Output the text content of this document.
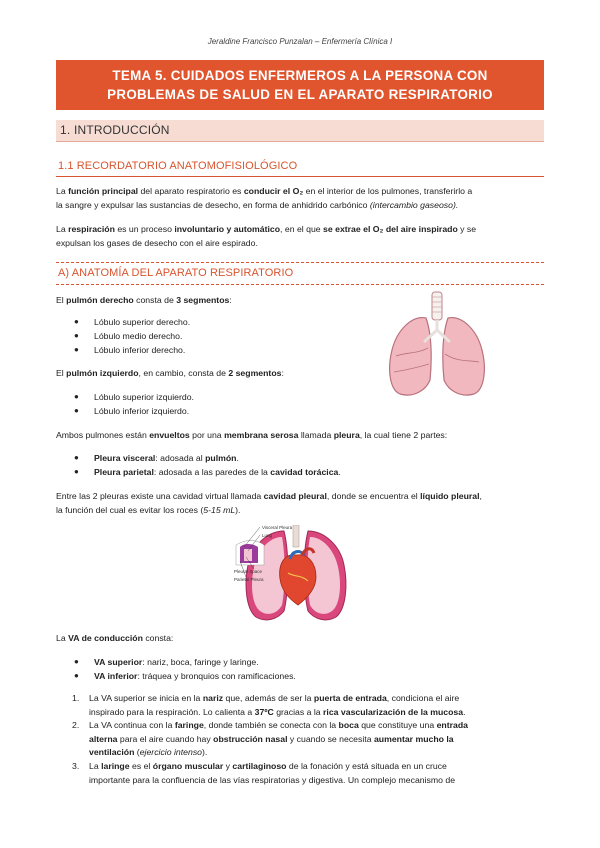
Jeraldine Francisco Punzalan – Enfermería Clínica I
TEMA 5. CUIDADOS ENFERMEROS A LA PERSONA CON
PROBLEMAS DE SALUD EN EL APARATO RESPIRATORIO
1. INTRODUCCIÓN
1.1 RECORDATORIO ANATOMOFISIOLÓGICO
La función principal del aparato respiratorio es conducir el O₂ en el interior de los pulmones, transferirlo a
la sangre y expulsar las sustancias de desecho, en forma de anhidrido carbónico (intercambio gaseoso).
La respiración es un proceso involuntario y automático, en el que se extrae el O₂ del aire inspirado y se
expulsan los gases de desecho con el aire espirado.
A) ANATOMÍA DEL APARATO RESPIRATORIO
El pulmón derecho consta de 3 segmentos:
● Lóbulo superior derecho.
● Lóbulo medio derecho.
● Lóbulo inferior derecho.
El pulmón izquierdo, en cambio, consta de 2 segmentos:
● Lóbulo superior izquierdo.
● Lóbulo inferior izquierdo.
Ambos pulmones están envueltos por una membrana serosa llamada pleura, la cual tiene 2 partes:
● Pleura visceral: adosada al pulmón.
● Pleura parietal: adosada a las paredes de la cavidad torácica.
Entre las 2 pleuras existe una cavidad virtual llamada cavidad pleural, donde se encuentra el líquido pleural,
la función del cual es evitar los roces (5-15 mL).
Visceral Pleura
Lung
Pleural Space
Parietal Pleura
La VA de conducción consta:
● VA superior: nariz, boca, faringe y laringe.
● VA inferior: tráquea y bronquios con ramificaciones.
1. La VA superior se inicia en la nariz que, además de ser la puerta de entrada, condiciona el aire
inspirado para la respiración. Lo calienta a 37ºC gracias a la rica vascularización de la mucosa.
2. La VA continua con la faringe, donde también se conecta con la boca que constituye una entrada
alterna para el aire cuando hay obstrucción nasal y cuando se necesita aumentar mucho la
ventilación (ejercicio intenso).
3. La laringe es el órgano muscular y cartilaginoso de la fonación y está situada en un cruce
importante para la confluencia de las vías respiratorias y digestiva. Un complejo mecanismo de
